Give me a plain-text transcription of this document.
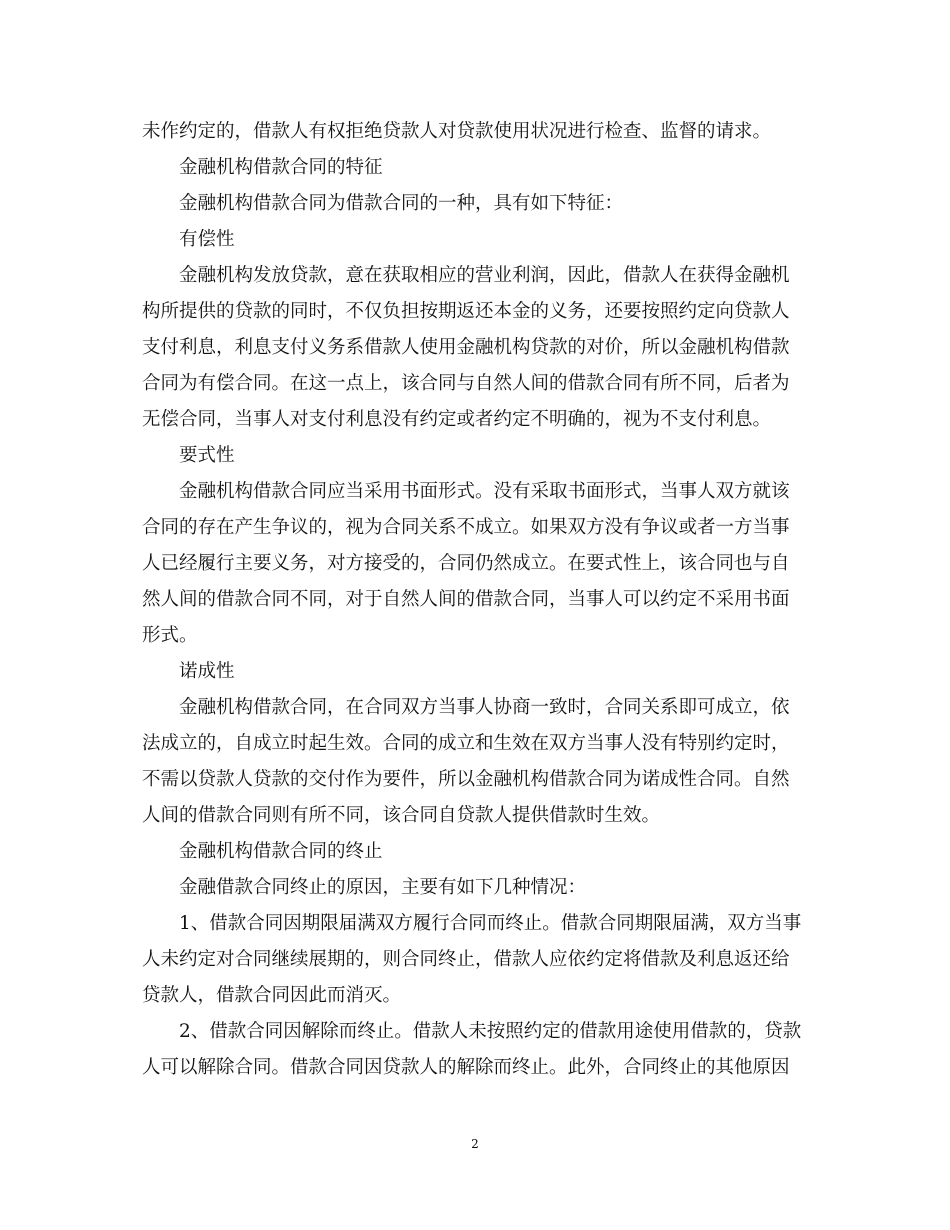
未作约定的，借款人有权拒绝贷款人对贷款使用状况进行检查、监督的请求。
金融机构借款合同的特征
金融机构借款合同为借款合同的一种，具有如下特征：
有偿性
金融机构发放贷款，意在获取相应的营业利润，因此，借款人在获得金融机
构所提供的贷款的同时，不仅负担按期返还本金的义务，还要按照约定向贷款人
支付利息，利息支付义务系借款人使用金融机构贷款的对价，所以金融机构借款
合同为有偿合同。在这一点上，该合同与自然人间的借款合同有所不同，后者为
无偿合同，当事人对支付利息没有约定或者约定不明确的，视为不支付利息。
要式性
金融机构借款合同应当采用书面形式。没有采取书面形式，当事人双方就该
合同的存在产生争议的，视为合同关系不成立。如果双方没有争议或者一方当事
人已经履行主要义务，对方接受的，合同仍然成立。在要式性上，该合同也与自
然人间的借款合同不同，对于自然人间的借款合同，当事人可以约定不采用书面
形式。
诺成性
金融机构借款合同，在合同双方当事人协商一致时，合同关系即可成立，依
法成立的，自成立时起生效。合同的成立和生效在双方当事人没有特别约定时，
不需以贷款人贷款的交付作为要件，所以金融机构借款合同为诺成性合同。自然
人间的借款合同则有所不同，该合同自贷款人提供借款时生效。
金融机构借款合同的终止
金融借款合同终止的原因，主要有如下几种情况：
1、借款合同因期限届满双方履行合同而终止。借款合同期限届满，双方当事
人未约定对合同继续展期的，则合同终止，借款人应依约定将借款及利息返还给
贷款人，借款合同因此而消灭。
2、借款合同因解除而终止。借款人未按照约定的借款用途使用借款的，贷款
人可以解除合同。借款合同因贷款人的解除而终止。此外，合同终止的其他原因
2
